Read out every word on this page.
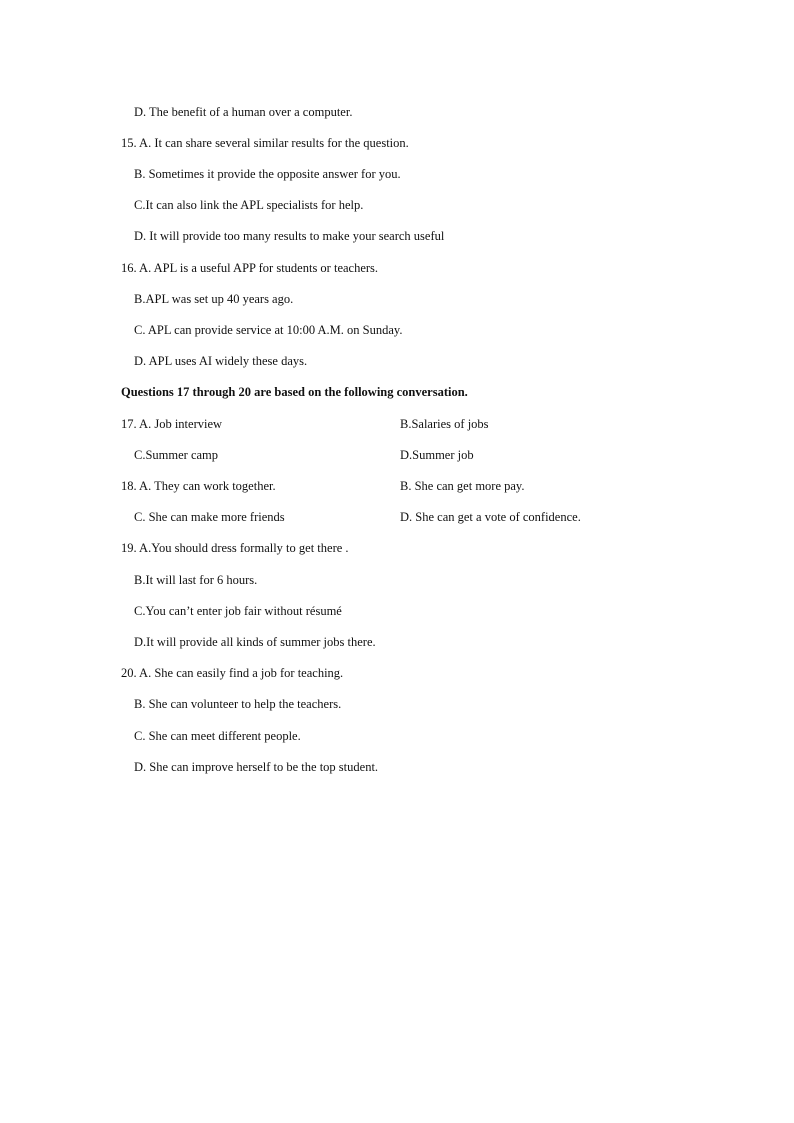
D. The benefit of a human over a computer.
15. A. It can share several similar results for the question.
B. Sometimes it provide the opposite answer for you.
C.It can also link the APL specialists for help.
D. It will provide too many results to make your search useful
16. A. APL is a useful APP for students or teachers.
B.APL was set up 40 years ago.
C. APL can provide service at 10:00 A.M. on Sunday.
D. APL uses AI widely these days.
Questions 17 through 20 are based on the following conversation.
17. A. Job interview	B.Salaries of jobs
C.Summer camp	D.Summer job
18. A. They can work together.	B. She can get more pay.
C. She can make more friends	D. She can get a vote of confidence.
19. A.You should dress formally to get there .
B.It will last for 6 hours.
C.You can’t enter job fair without résumé
D.It will provide all kinds of summer jobs there.
20. A. She can easily find a job for teaching.
B. She can volunteer to help the teachers.
C. She can meet different people.
D. She can improve herself to be the top student.
